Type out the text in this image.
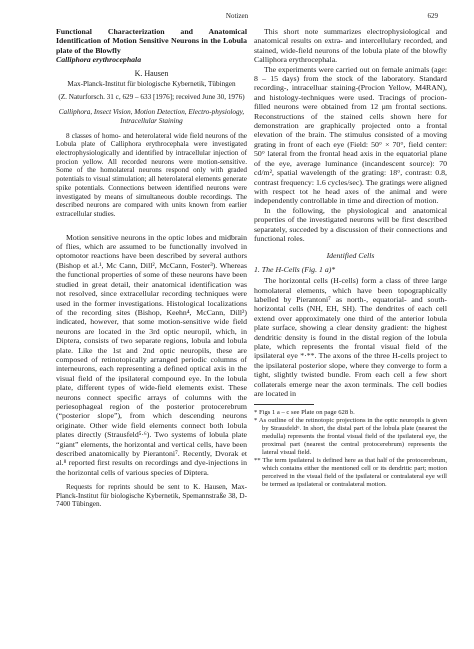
Notizen	629

Functional Characterization and Anatomical Identification of Motion Sensitive Neurons in the Lobula plate of the Blowfly
Calliphora erythrocephala

K. Hausen
Max-Planck-Institut für biologische Kybernetik, Tübingen
(Z. Naturforsch. 31 c, 629 – 633 [1976]; received June 30, 1976)
Calliphora, Insect Vision, Motion Detection, Electro-physiology, Intracellular Staining

8 classes of homo- and heterolateral wide field neurons of the Lobula plate of Calliphora erythrocephala were investigated electrophysiologically and identified by intracellular injection of procion yellow. All recorded neurons were motion-sensitive. Some of the homolateral neurons respond only with graded potentials to visual stimulation; all heterolateral elements generate spike potentials. Connections between identified neurons were investigated by means of simultaneous double recordings. The described neurons are compared with units known from earlier extracellular studies.

Motion sensitive neurons in the optic lobes and midbrain of flies, which are assumed to be functionally involved in optomotor reactions have been described by several authors (Bishop et al.¹, Mc Cann, Dill², McCann, Foster³). Whereas the functional properties of some of these neurons have been studied in great detail, their anatomical identification was not resolved, since extracellular recording techniques were used in the former investigations. Histological localizations of the recording sites (Bishop, Keehn⁴, McCann, Dill²) indicated, however, that some motion-sensitive wide field neurons are located in the 3rd optic neuropil, which, in Diptera, consists of two separate regions, lobula and lobula plate. Like the 1st and 2nd optic neuropils, these are composed of retinotopically arranged periodic columns of interneurons, each representing a defined optical axis in the visual field of the ipsilateral compound eye. In the lobula plate, different types of wide-field elements exist. These neurons connect specific arrays of columns with the periesophageal region of the posterior protocerebrum (“posterior slope”), from which descending neurons originate. Other wide field elements connect both lobula plates directly (Strausfeld⁵·⁶). Two systems of lobula plate “giant” elements, the horizontal and vertical cells, have been described anatomically by Pierantoni⁷. Recently, Dvorak et al.⁸ reported first results on recordings and dye-injections in the horizontal cells of various species of Diptera.

Requests for reprints should be sent to K. Hausen, Max-Planck-Institut für biologische Kybernetik, Spemannstraße 38, D-7400 Tübingen.

This short note summarizes electrophysiological and anatomical results on extra- and intercellulary recorded, and stained, wide-field neurons of the lobula plate of the blowfly Calliphora erythrocephala.

The experiments were carried out on female animals (age: 8 – 15 days) from the stock of the laboratory. Standard recording-, intracelluar staining-(Procion Yellow, M4RAN), and histology-techniques were used. Tracings of procion-filled neurons were obtained from 12 μm frontal sections. Reconstructions of the stained cells shown here for demonstration are graphically projected onto a frontal elevation of the brain. The stimulus consisted of a moving grating in front of each eye (Field: 50° × 70°, field center: 50° lateral from the frontal head axis in the equatorial plane of the eye, average luminance (incandescent source): 70 cd/m², spatial wavelength of the grating: 18°, contrast: 0.8, contrast frequency: 1.6 cycles/sec). The gratings were aligned with respect tot he head axes of the animal and were independently controllable in time and direction of motion.

In the following, the physiological and anatomical properties of the investigated neurons will be first described separately, succeded by a discussion of their connections and functional roles.

Identified Cells

1. The H-Cells (Fig. 1 a)*

The horizontal cells (H-cells) form a class of three large homolateral elements, which have been topographically labelled by Pierantoni⁷ as north-, equatorial- and south-horizontal cells (NH, EH, SH). The dendrites of each cell extend over approximately one third of the anterior lobula plate surface, showing a clear density gradient: the highest dendritic density is found in the distal region of the lobula plate, which represents the frontal visual field of the ipsilateral eye *·**. The axons of the three H-cells project to the ipsilateral posterior slope, where they converge to form a tight, slightly twisted bundle. From each cell a few short collaterals emerge near the axon terminals. The cell bodies are located in

* Figs 1 a – c see Plate on page 628 b.

* As outline of the retinotopic projections in the optic neuropils is given by Strausfeld⁶. In short, the distal part of the lobula plate (nearest the medulla) represents the frontal visual field of the ipsilateral eye, the proximal part (nearest the central protocerebrum) represents the lateral visual field.

** The term ipsilateral is defined here as that half of the protocerebrum, which contains either the mentioned cell or its dendritic part; motion perceived in the visual field of the ipsilateral or contralateral eye will be termed as ipsilateral or contralateral motion.
